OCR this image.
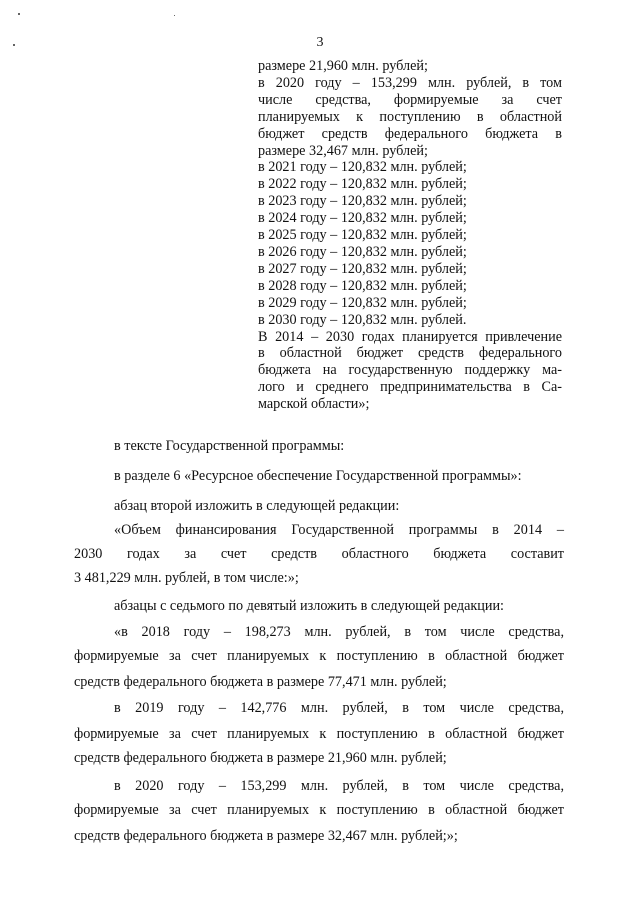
3
размере 21,960 млн. рублей;
в 2020 году – 153,299 млн. рублей, в том
числе средства, формируемые за счет
планируемых к поступлению в областной
бюджет средств федерального бюджета в
размере 32,467 млн. рублей;
в 2021 году – 120,832 млн. рублей;
в 2022 году – 120,832 млн. рублей;
в 2023 году – 120,832 млн. рублей;
в 2024 году – 120,832 млн. рублей;
в 2025 году – 120,832 млн. рублей;
в 2026 году – 120,832 млн. рублей;
в 2027 году – 120,832 млн. рублей;
в 2028 году – 120,832 млн. рублей;
в 2029 году – 120,832 млн. рублей;
в 2030 году – 120,832 млн. рублей.
В 2014 – 2030 годах планируется привлечение
в областной бюджет средств федерального
бюджета на государственную поддержку ма-
лого и среднего предпринимательства в Са-
марской области»;
в тексте Государственной программы:
в разделе 6 «Ресурсное обеспечение Государственной программы»:
абзац второй изложить в следующей редакции:
«Объем финансирования Государственной программы в 2014 –
2030 годах за счет средств областного бюджета составит
3 481,229 млн. рублей, в том числе:»;
абзацы с седьмого по девятый изложить в следующей редакции:
«в 2018 году – 198,273 млн. рублей, в том числе средства,
формируемые за счет планируемых к поступлению в областной бюджет
средств федерального бюджета в размере 77,471 млн. рублей;
в 2019 году – 142,776 млн. рублей, в том числе средства,
формируемые за счет планируемых к поступлению в областной бюджет
средств федерального бюджета в размере 21,960 млн. рублей;
в 2020 году – 153,299 млн. рублей, в том числе средства,
формируемые за счет планируемых к поступлению в областной бюджет
средств федерального бюджета в размере 32,467 млн. рублей;»;
